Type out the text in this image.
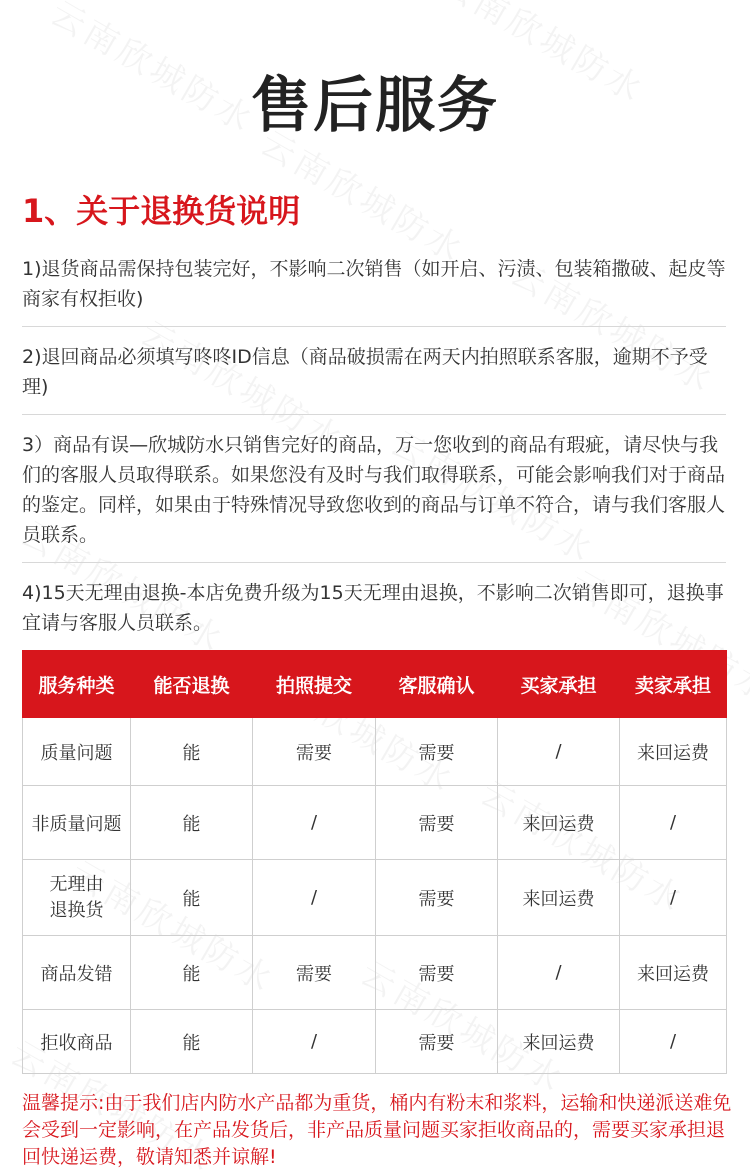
售后服务
1、关于退换货说明
1)退货商品需保持包装完好，不影响二次销售（如开启、污渍、包装箱撒破、起皮等商家有权拒收)
2)退回商品必须填写咚咚ID信息（商品破损需在两天内拍照联系客服，逾期不予受理)
3）商品有误—欣城防水只销售完好的商品，万一您收到的商品有瑕疵，请尽快与我们的客服人员取得联系。如果您没有及时与我们取得联系，可能会影响我们对于商品的鉴定。同样，如果由于特殊情况导致您收到的商品与订单不符合，请与我们客服人员联系。
4)15天无理由退换-本店免费升级为15天无理由退换，不影响二次销售即可，退换事宜请与客服人员联系。
服务种类	能否退换	拍照提交	客服确认	买家承担	卖家承担
质量问题	能	需要	需要	/	来回运费
非质量问题	能	/	需要	来回运费	/
无理由退换货	能	/	需要	来回运费	/
商品发错	能	需要	需要	/	来回运费
拒收商品	能	/	需要	来回运费	/
温馨提示:由于我们店内防水产品都为重货，桶内有粉末和浆料，运输和快递派送难免会受到一定影响，在产品发货后，非产品质量问题买家拒收商品的，需要买家承担退回快递运费，敬请知悉并谅解!
